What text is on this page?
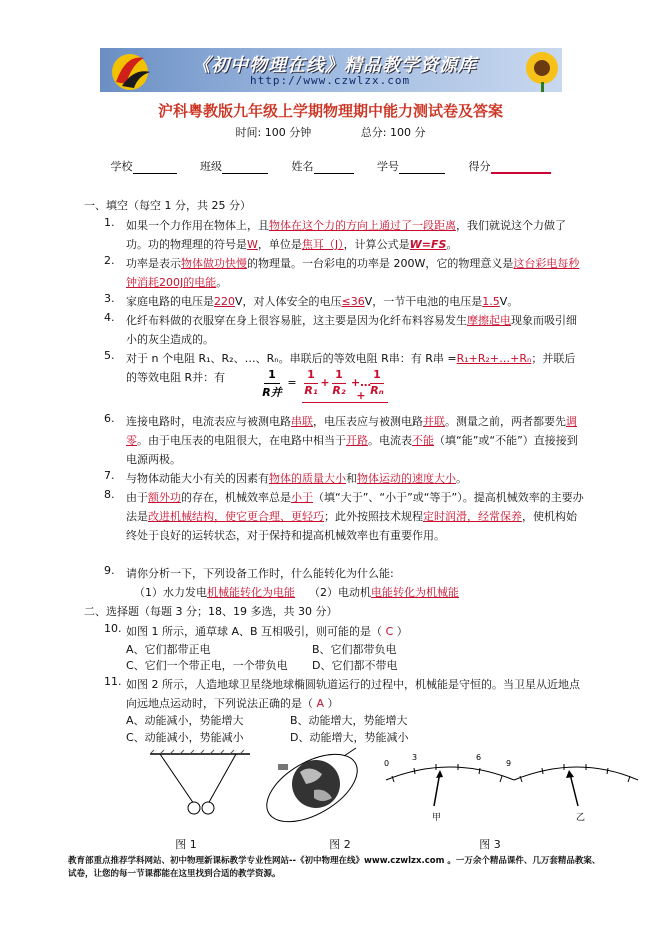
《初中物理在线》精品教学资源库
http://www.czwlzx.com
沪科粤教版九年级上学期物理期中能力测试卷及答案
时间: 100 分钟	总分: 100 分
学校	班级	姓名	学号	得分
一、填空（每空 1 分，共 25 分）
1. 如果一个力作用在物体上，且物体在这个力的方向上通过了一段距离，我们就说这个力做了功。功的物理理的符号是W，单位是焦耳（J），计算公式是W=FS。
2. 功率是表示物体做功快慢的物理量。一台彩电的功率是 200W，它的物理意义是这台彩电每秒钟消耗200J的电能。
3. 家庭电路的电压是220V，对人体安全的电压≤36V，一节干电池的电压是1.5V。
4. 化纤布料做的衣服穿在身上很容易脏，这主要是因为化纤布料容易发生摩擦起电现象而吸引细小的灰尘造成的。
5. 对于 n 个电阻 R₁、R₂、…、Rₙ。串联后的等效电阻 R串：有 R串 =R₁+R₂+…+Rₙ；并联后的等效电阻 R并：有	1
R并
=
1
R₁
+
1
R₂
+…+
1
Rₙ
6. 连接电路时，电流表应与被测电路串联，电压表应与被测电路并联。测量之前，两者都要先调零。由于电压表的电阻很大，在电路中相当于开路。电流表不能（填“能”或“不能”）直接接到电源两极。
7. 与物体动能大小有关的因素有物体的质量大小和物体运动的速度大小。
8. 由于额外功的存在，机械效率总是小于（填“大于”、“小于”或“等于”）。提高机械效率的主要办法是改进机械结构，使它更合理、更轻巧；此外按照技术规程定时润滑，经常保养，使机构始终处于良好的运转状态，对于保持和提高机械效率也有重要作用。
9. 请你分析一下，下列设备工作时，什么能转化为什么能:
（1）水力发电机械能转化为电能 （2）电动机电能转化为机械能
二、选择题（每题 3 分；18、19 多选，共 30 分）
10. 如图 1 所示，通草球 A、B 互相吸引，则可能的是（ C ）
A、它们都带正电	B、它们都带负电
C、它们一个带正电，一个带负电 D、它们都不带电
11. 如图 2 所示，人造地球卫星绕地球椭圆轨道运行的过程中，机械能是守恒的。当卫星从近地点向远地点运动时，下列说法正确的是（ A ）
A、动能减小，势能增大	B、动能增大，势能增大
C、动能减小，势能减小	D、动能增大，势能减小
甲	乙
0
3	6
9
图 1	图 2	图 3
教育部重点推荐学科网站、初中物理新课标教学专业性网站--《初中物理在线》www.czwlzx.com 。一万余个精品课件、几万套精品教案、试卷，让您的每一节课都能在这里找到合适的教学资源。
